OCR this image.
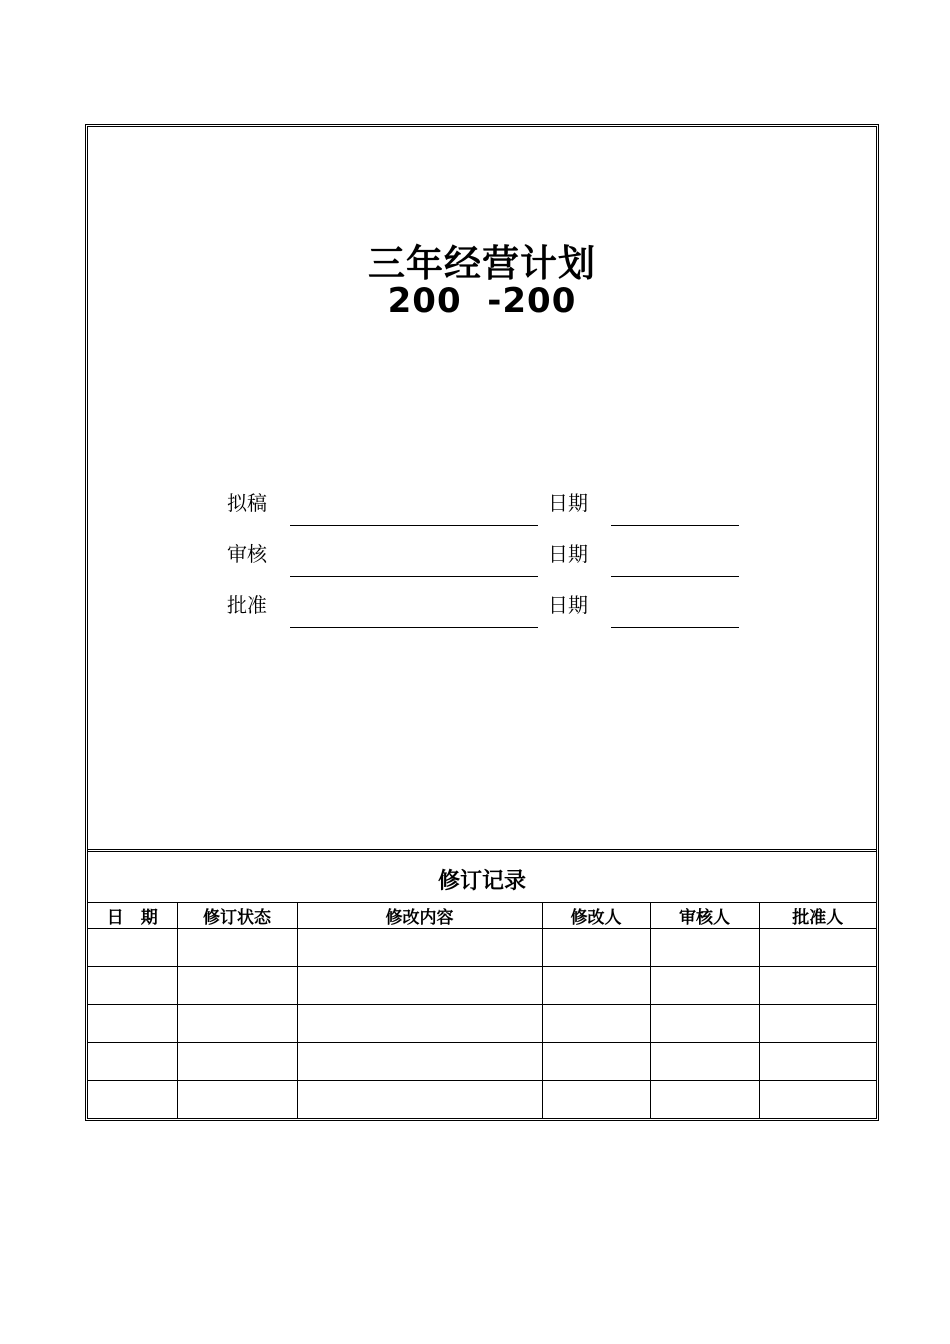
三年经营计划
200  -200
拟稿	日期
审核	日期
批准	日期
修订记录
日　期	修订状态	修改内容	修改人	审核人	批准人
